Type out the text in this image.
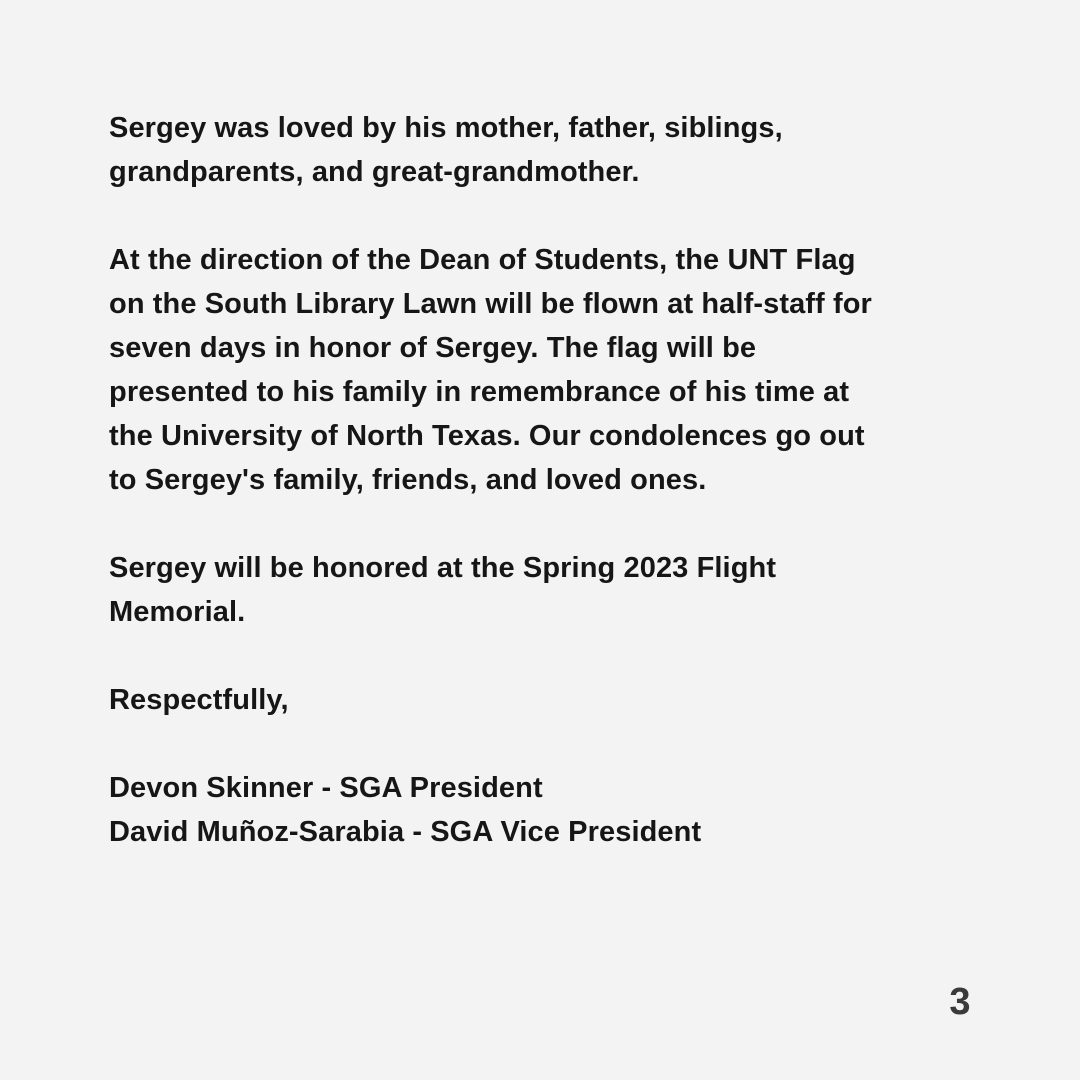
Sergey was loved by his mother, father, siblings,
grandparents, and great-grandmother.
At the direction of the Dean of Students, the UNT Flag
on the South Library Lawn will be flown at half-staff for
seven days in honor of Sergey. The flag will be
presented to his family in remembrance of his time at
the University of North Texas. Our condolences go out
to Sergey's family, friends, and loved ones.
Sergey will be honored at the Spring 2023 Flight
Memorial.
Respectfully,
Devon Skinner - SGA President
David Muñoz-Sarabia - SGA Vice President
3
